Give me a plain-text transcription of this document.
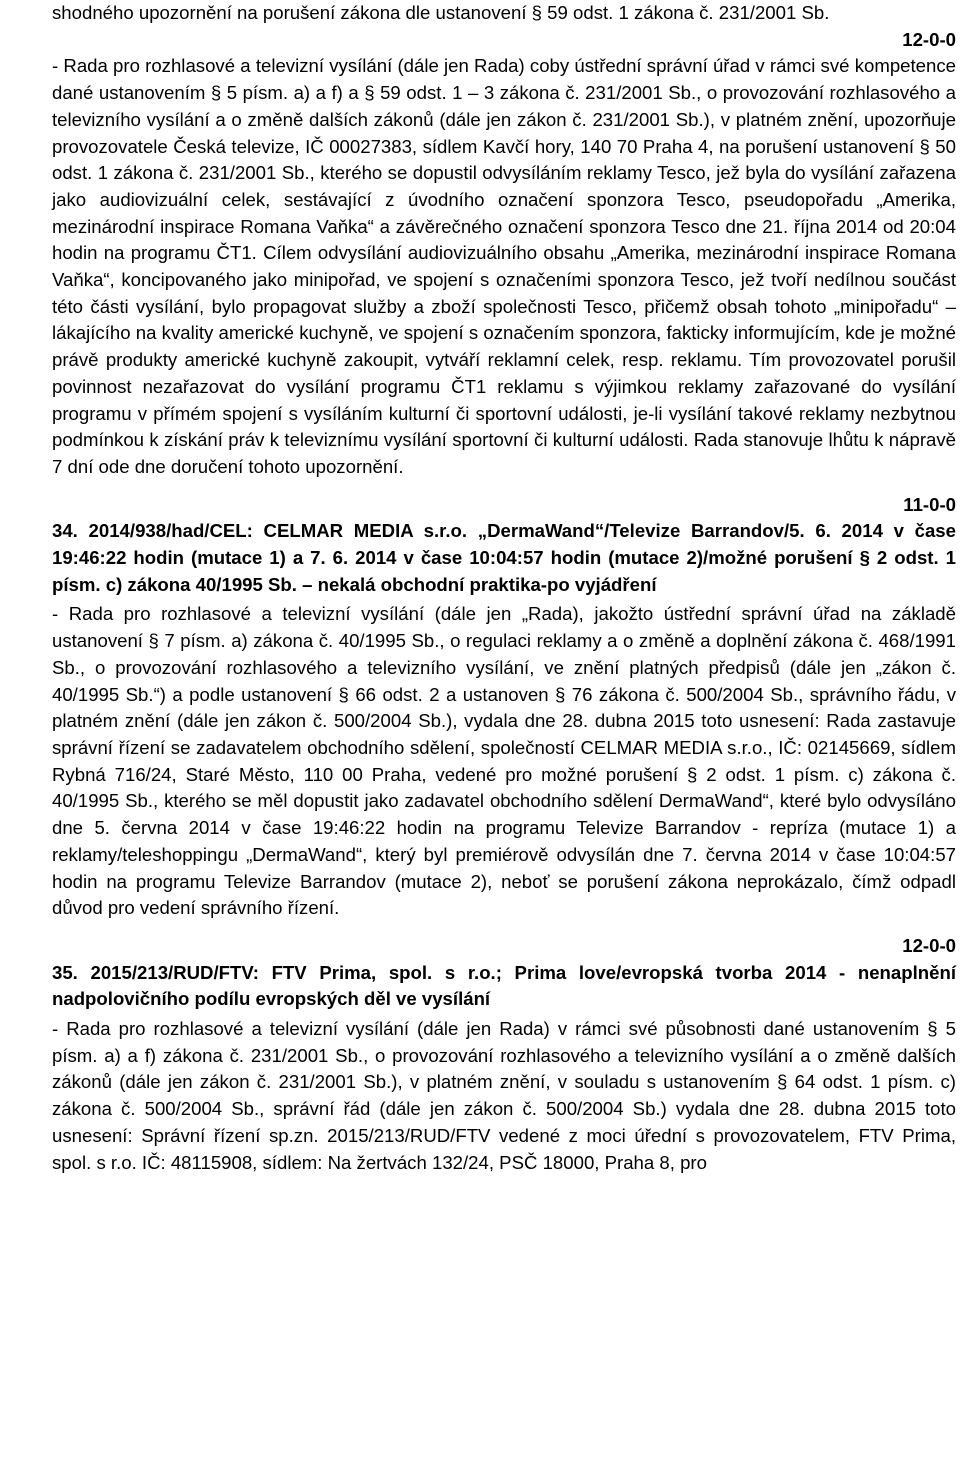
shodného upozornění na porušení zákona dle ustanovení § 59 odst. 1 zákona č. 231/2001 Sb.

12-0-0

- Rada pro rozhlasové a televizní vysílání (dále jen Rada) coby ústřední správní úřad v rámci své kompetence dané ustanovením § 5 písm. a) a f) a § 59 odst. 1 – 3 zákona č. 231/2001 Sb., o provozování rozhlasového a televizního vysílání a o změně dalších zákonů (dále jen zákon č. 231/2001 Sb.), v platném znění, upozorňuje provozovatele Česká televize, IČ 00027383, sídlem Kavčí hory, 140 70 Praha 4, na porušení ustanovení § 50 odst. 1 zákona č. 231/2001 Sb., kterého se dopustil odvysíláním reklamy Tesco, jež byla do vysílání zařazena jako audiovizuální celek, sestávající z úvodního označení sponzora Tesco, pseudopořadu „Amerika, mezinárodní inspirace Romana Vaňka“ a závěrečného označení sponzora Tesco dne 21. října 2014 od 20:04 hodin na programu ČT1. Cílem odvysílání audiovizuálního obsahu „Amerika, mezinárodní inspirace Romana Vaňka“, koncipovaného jako minipořad, ve spojení s označeními sponzora Tesco, jež tvoří nedílnou součást této části vysílání, bylo propagovat služby a zboží společnosti Tesco, přičemž obsah tohoto „minipořadu“ – lákajícího na kvality americké kuchyně, ve spojení s označením sponzora, fakticky informujícím, kde je možné právě produkty americké kuchyně zakoupit, vytváří reklamní celek, resp. reklamu. Tím provozovatel porušil povinnost nezařazovat do vysílání programu ČT1 reklamu s výjimkou reklamy zařazované do vysílání programu v přímém spojení s vysíláním kulturní či sportovní události, je-li vysílání takové reklamy nezbytnou podmínkou k získání práv k televiznímu vysílání sportovní či kulturní události. Rada stanovuje lhůtu k nápravě 7 dní ode dne doručení tohoto upozornění.

11-0-0

34. 2014/938/had/CEL: CELMAR MEDIA s.r.o. „DermaWand“/Televize Barrandov/5. 6. 2014 v čase 19:46:22 hodin (mutace 1) a 7. 6. 2014 v čase 10:04:57 hodin (mutace 2)/možné porušení § 2 odst. 1 písm. c) zákona 40/1995 Sb. – nekalá obchodní praktika-po vyjádření

- Rada pro rozhlasové a televizní vysílání (dále jen „Rada), jakožto ústřední správní úřad na základě ustanovení § 7 písm. a) zákona č. 40/1995 Sb., o regulaci reklamy a o změně a doplnění zákona č. 468/1991 Sb., o provozování rozhlasového a televizního vysílání, ve znění platných předpisů (dále jen „zákon č. 40/1995 Sb.“) a podle ustanovení § 66 odst. 2 a ustanoven § 76 zákona č. 500/2004 Sb., správního řádu, v platném znění (dále jen zákon č. 500/2004 Sb.), vydala dne 28. dubna 2015 toto usnesení: Rada zastavuje správní řízení se zadavatelem obchodního sdělení, společností CELMAR MEDIA s.r.o., IČ: 02145669, sídlem Rybná 716/24, Staré Město, 110 00 Praha, vedené pro možné porušení § 2 odst. 1 písm. c) zákona č. 40/1995 Sb., kterého se měl dopustit jako zadavatel obchodního sdělení DermaWand“, které bylo odvysíláno dne 5. června 2014 v čase 19:46:22 hodin na programu Televize Barrandov - repríza (mutace 1) a reklamy/teleshoppingu „DermaWand“, který byl premiérově odvysílán dne 7. června 2014 v čase 10:04:57 hodin na programu Televize Barrandov (mutace 2), neboť se porušení zákona neprokázalo, čímž odpadl důvod pro vedení správního řízení.

12-0-0

35. 2015/213/RUD/FTV: FTV Prima, spol. s r.o.; Prima love/evropská tvorba 2014 - nenaplnění nadpolovičního podílu evropských děl ve vysílání

- Rada pro rozhlasové a televizní vysílání (dále jen Rada) v rámci své působnosti dané ustanovením § 5 písm. a) a f) zákona č. 231/2001 Sb., o provozování rozhlasového a televizního vysílání a o změně dalších zákonů (dále jen zákon č. 231/2001 Sb.), v platném znění, v souladu s ustanovením § 64 odst. 1 písm. c) zákona č. 500/2004 Sb., správní řád (dále jen zákon č. 500/2004 Sb.) vydala dne 28. dubna 2015 toto usnesení: Správní řízení sp.zn. 2015/213/RUD/FTV vedené z moci úřední s provozovatelem, FTV Prima, spol. s r.o. IČ: 48115908, sídlem: Na žertvách 132/24, PSČ 18000, Praha 8, pro
